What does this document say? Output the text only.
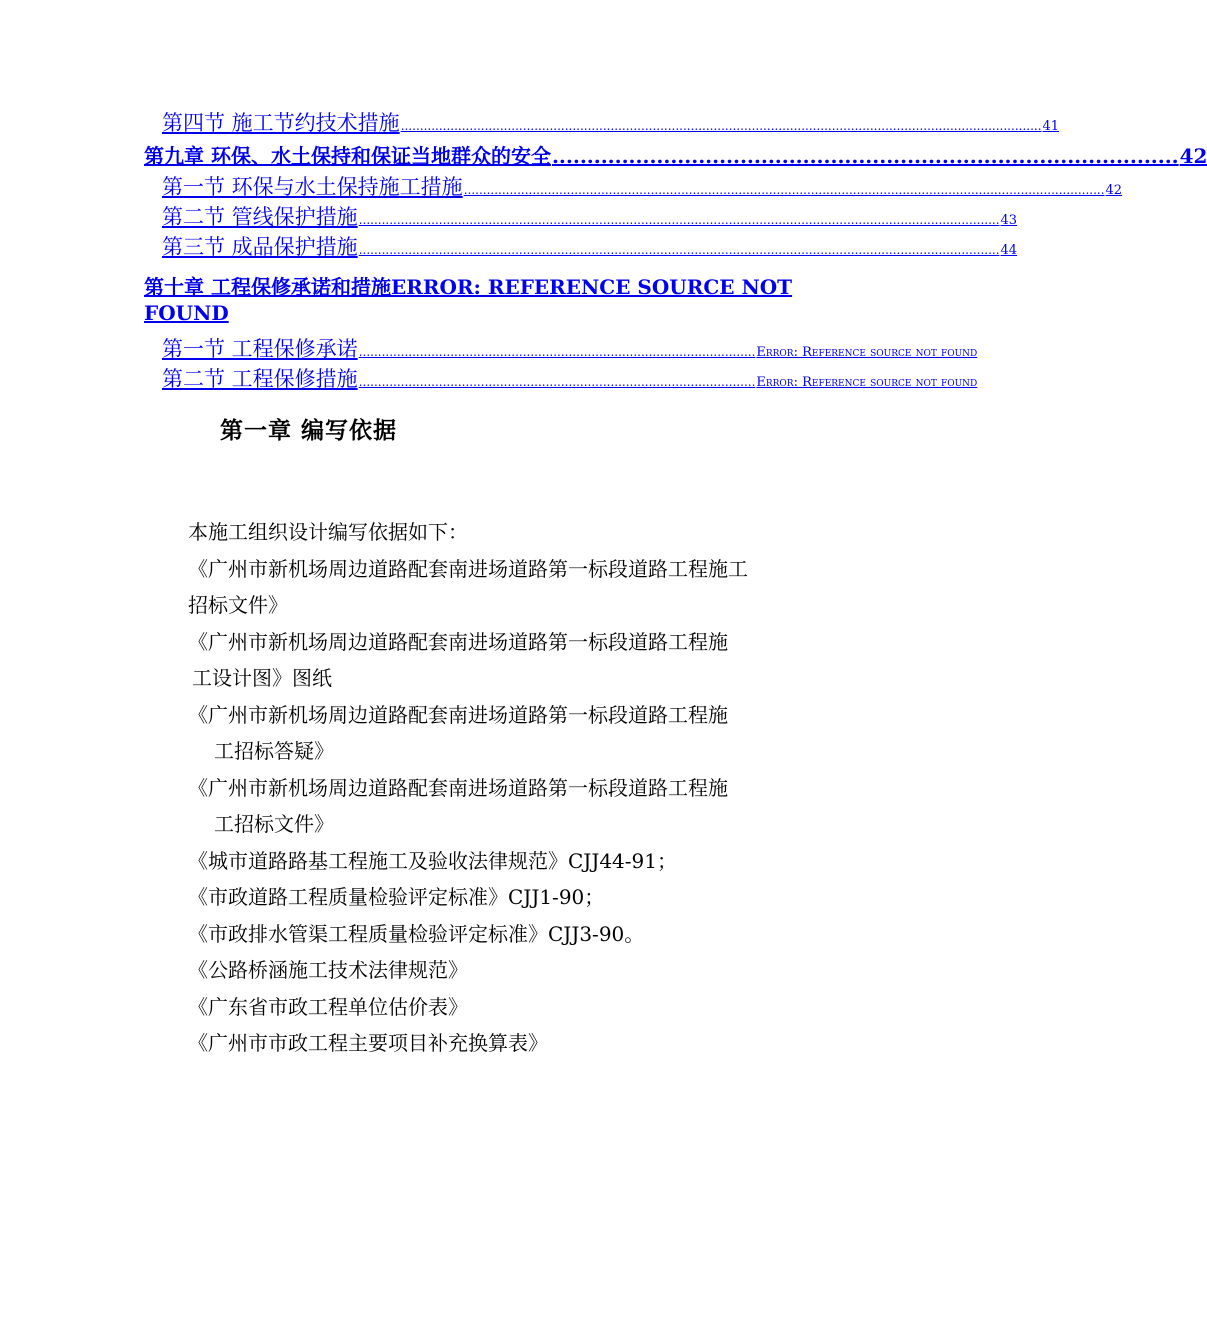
第四节 施工节约技术措施 ........................................................................................................................................................................ 41
第九章 环保、水土保持和保证当地群众的安全 .......................................................................................... 42
第一节 环保与水土保持施工措施 ........................................................................................................................................................................ 42
第二节 管线保护措施 ........................................................................................................................................................................ 43
第三节 成品保护措施 ........................................................................................................................................................................ 44
第十章 工程保修承诺和措施ERROR: REFERENCE SOURCE NOT FOUND
第一节 工程保修承诺 ........................................................................................................ Error: Reference source not found
第二节 工程保修措施 ........................................................................................................ Error: Reference source not found
第一章 编写依据

本施工组织设计编写依据如下：

《广州市新机场周边道路配套南进场道路第一标段道路工程施工

招标文件》

《广州市新机场周边道路配套南进场道路第一标段道路工程施

工设计图》图纸

《广州市新机场周边道路配套南进场道路第一标段道路工程施

工招标答疑》

《广州市新机场周边道路配套南进场道路第一标段道路工程施

工招标文件》

《城市道路路基工程施工及验收法律规范》CJJ44-91；

《市政道路工程质量检验评定标准》CJJ1-90；

《市政排水管渠工程质量检验评定标准》CJJ3-90。

《公路桥涵施工技术法律规范》

《广东省市政工程单位估价表》

《广州市市政工程主要项目补充换算表》
